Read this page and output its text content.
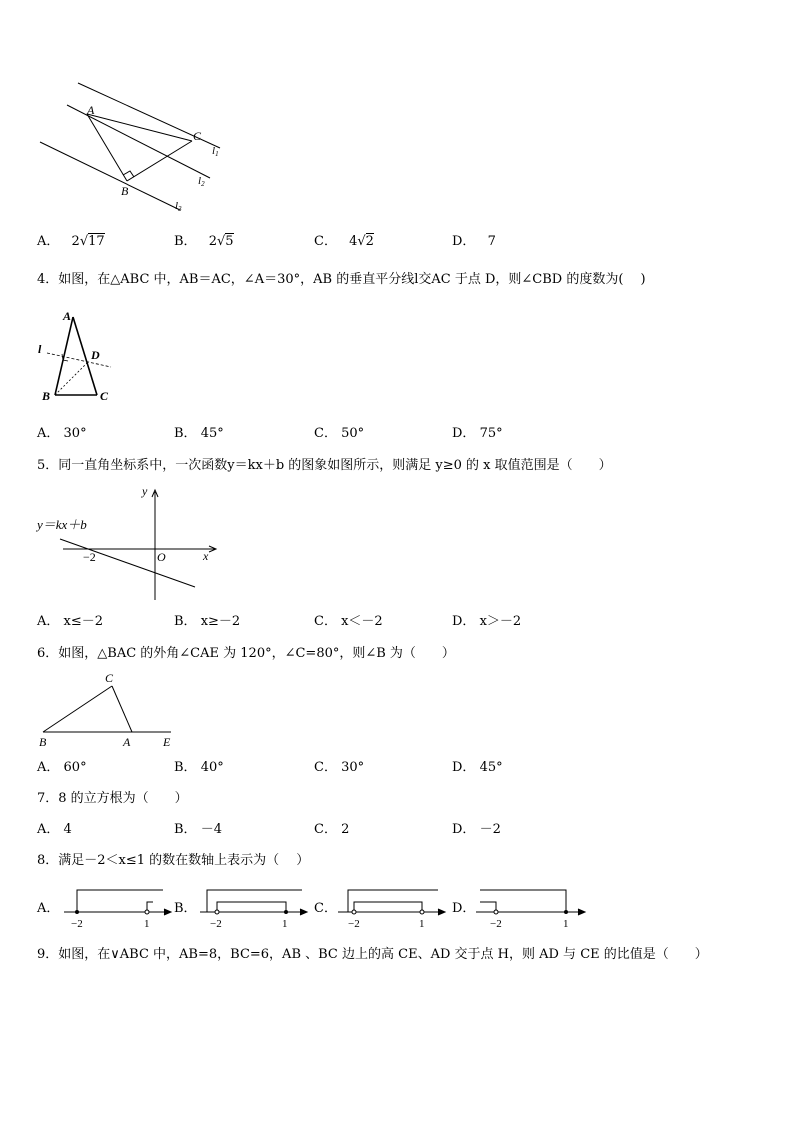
A
C
B
l1
l2
l3
A． 2√17	B． 2√5	C． 4√2	D． 7
4．如图，在△ABC 中，AB＝AC，∠A＝30°，AB 的垂直平分线l交AC 于点 D，则∠CBD 的度数为(　 )
A
l	D
B	C
A． 30°	B． 45°	C． 50°	D． 75°
5．同一直角坐标系中，一次函数y＝kx＋b 的图象如图所示，则满足 y≥0 的 x 取值范围是（　　）
y
x
O
−2
y＝kx＋b
A． x≤－2	B． x≥－2	C． x＜－2	D． x＞－2
6．如图，△BAC 的外角∠CAE 为 120°，∠C=80°，则∠B 为（　　）
C
B	A	E
A． 60°	B． 40°	C． 30°	D． 45°
7．8 的立方根为（　　）
A． 4	B． －4	C． 2	D． －2
8．满足－2＜x≤1 的数在数轴上表示为（　 ）
A．
−2	1
B．
−2	1
C．
−2	1
D．
−2	1
9．如图，在∨ABC 中，AB=8，BC=6，AB 、BC 边上的高 CE、AD 交于点 H，则 AD 与 CE 的比值是（　　）
